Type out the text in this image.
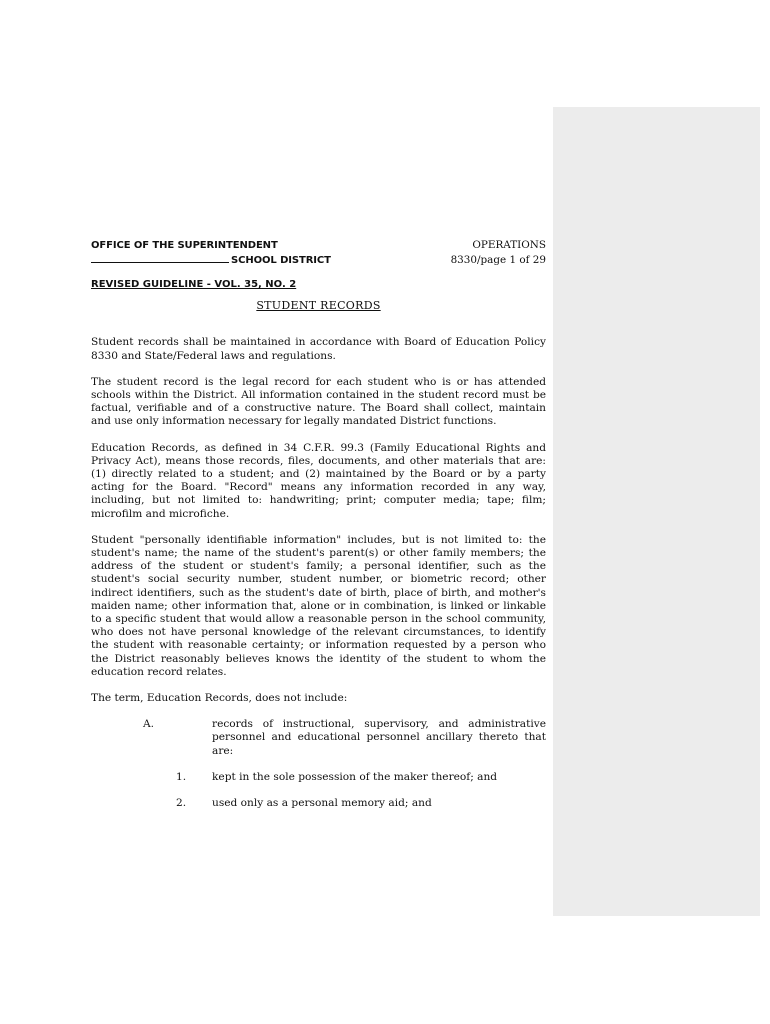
OFFICE OF THE SUPERINTENDENT	OPERATIONS
SCHOOL DISTRICT	8330/page 1 of 29
REVISED GUIDELINE - VOL. 35, NO. 2
STUDENT RECORDS

Student records shall be maintained in accordance with Board of Education Policy 8330 and State/Federal laws and regulations.

The student record is the legal record for each student who is or has attended schools within the District. All information contained in the student record must be factual, verifiable and of a constructive nature. The Board shall collect, maintain and use only information necessary for legally mandated District functions.

Education Records, as defined in 34 C.F.R. 99.3 (Family Educational Rights and Privacy Act), means those records, files, documents, and other materials that are: (1) directly related to a student; and (2) maintained by the Board or by a party acting for the Board. "Record" means any information recorded in any way, including, but not limited to: handwriting; print; computer media; tape; film; microfilm and microfiche.

Student "personally identifiable information" includes, but is not limited to: the student's name; the name of the student's parent(s) or other family members; the address of the student or student's family; a personal identifier, such as the student's social security number, student number, or biometric record; other indirect identifiers, such as the student's date of birth, place of birth, and mother's maiden name; other information that, alone or in combination, is linked or linkable to a specific student that would allow a reasonable person in the school community, who does not have personal knowledge of the relevant circumstances, to identify the student with reasonable certainty; or information requested by a person who the District reasonably believes knows the identity of the student to whom the education record relates.

The term, Education Records, does not include:

A.	records of instructional, supervisory, and administrative personnel and educational personnel ancillary thereto that are:
1.	kept in the sole possession of the maker thereof; and
2.	used only as a personal memory aid; and
